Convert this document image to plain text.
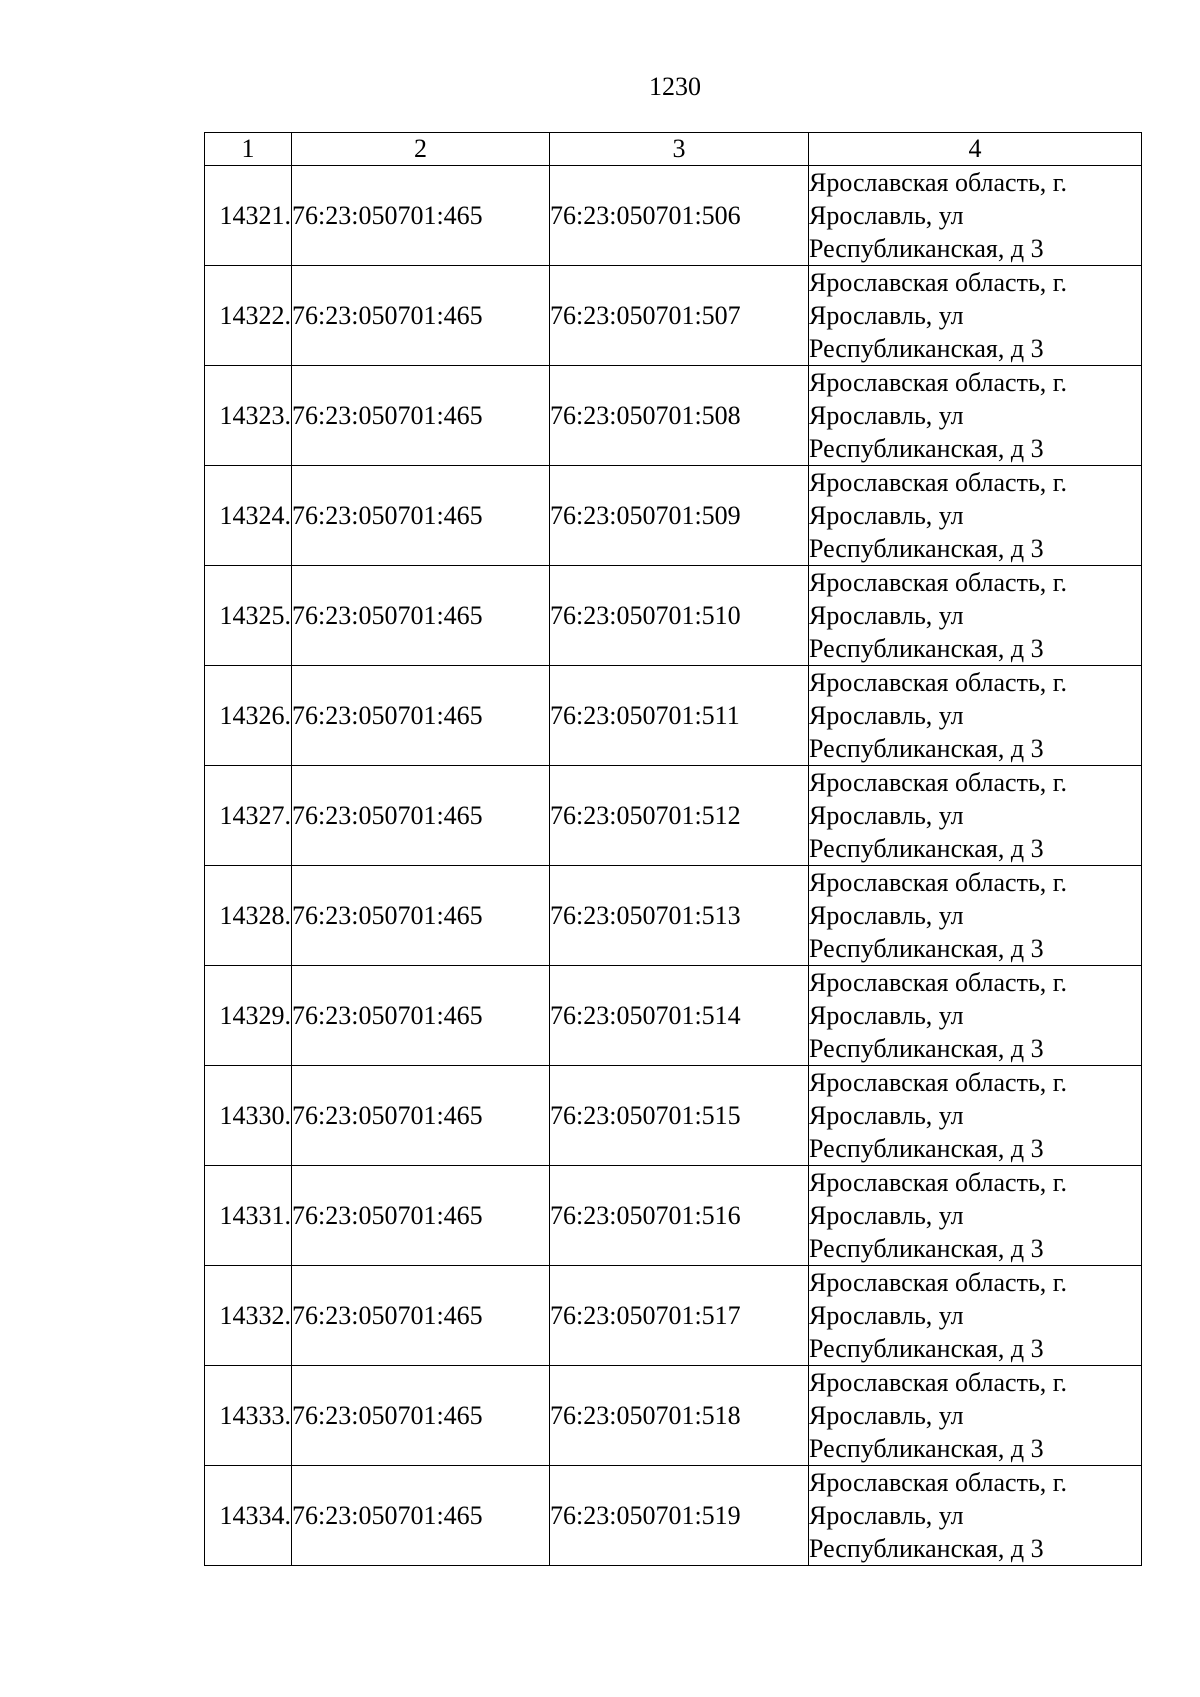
1230
1	2	3	4
14321.	76:23:050701:465	76:23:050701:506	Ярославская область, г.
Ярославль, ул
Республиканская, д 3

14322.	76:23:050701:465	76:23:050701:507	Ярославская область, г.
Ярославль, ул
Республиканская, д 3

14323.	76:23:050701:465	76:23:050701:508	Ярославская область, г.
Ярославль, ул
Республиканская, д 3

14324.	76:23:050701:465	76:23:050701:509	Ярославская область, г.
Ярославль, ул
Республиканская, д 3

14325.	76:23:050701:465	76:23:050701:510	Ярославская область, г.
Ярославль, ул
Республиканская, д 3

14326.	76:23:050701:465	76:23:050701:511	Ярославская область, г.
Ярославль, ул
Республиканская, д 3

14327.	76:23:050701:465	76:23:050701:512	Ярославская область, г.
Ярославль, ул
Республиканская, д 3

14328.	76:23:050701:465	76:23:050701:513	Ярославская область, г.
Ярославль, ул
Республиканская, д 3

14329.	76:23:050701:465	76:23:050701:514	Ярославская область, г.
Ярославль, ул
Республиканская, д 3

14330.	76:23:050701:465	76:23:050701:515	Ярославская область, г.
Ярославль, ул
Республиканская, д 3

14331.	76:23:050701:465	76:23:050701:516	Ярославская область, г.
Ярославль, ул
Республиканская, д 3

14332.	76:23:050701:465	76:23:050701:517	Ярославская область, г.
Ярославль, ул
Республиканская, д 3

14333.	76:23:050701:465	76:23:050701:518	Ярославская область, г.
Ярославль, ул
Республиканская, д 3

14334.	76:23:050701:465	76:23:050701:519	Ярославская область, г.
Ярославль, ул
Республиканская, д 3
